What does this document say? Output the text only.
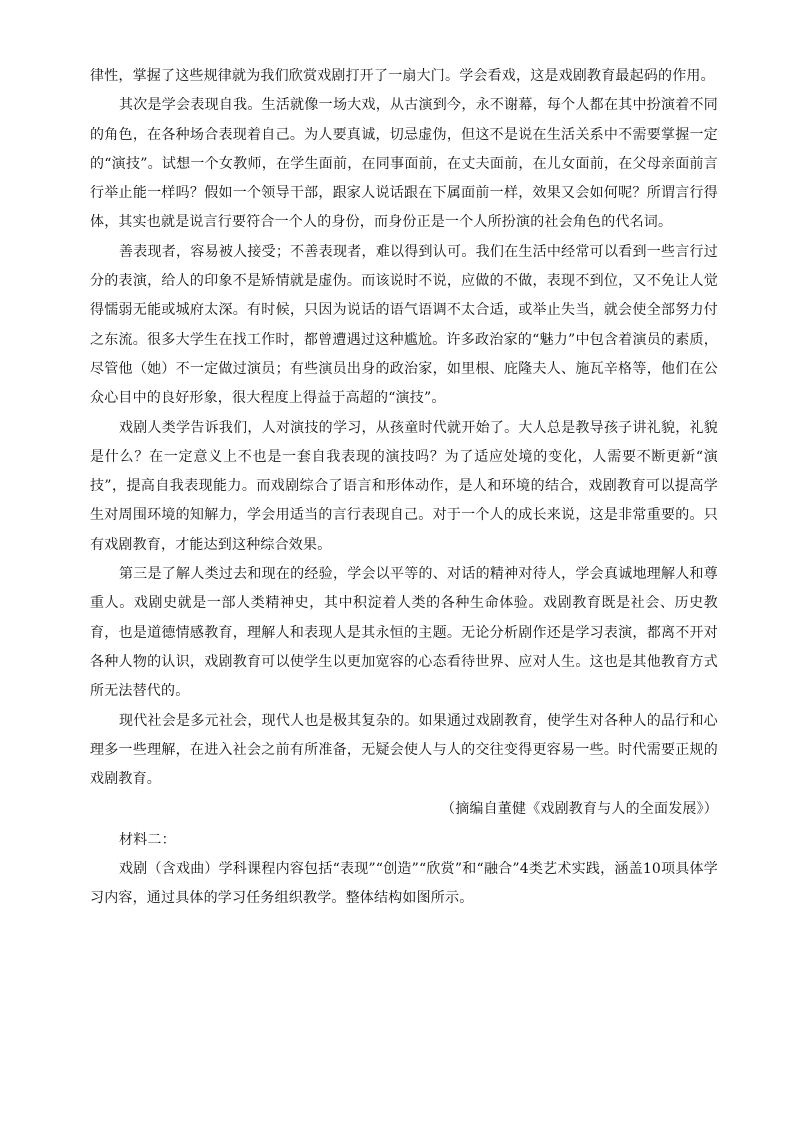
律性，掌握了这些规律就为我们欣赏戏剧打开了一扇大门。学会看戏，这是戏剧教育最起码的作用。

其次是学会表现自我。生活就像一场大戏，从古演到今，永不谢幕，每个人都在其中扮演着不同的角色，在各种场合表现着自己。为人要真诚，切忌虚伪，但这不是说在生活关系中不需要掌握一定的“演技”。试想一个女教师，在学生面前，在同事面前，在丈夫面前，在儿女面前，在父母亲面前言行举止能一样吗？假如一个领导干部，跟家人说话跟在下属面前一样，效果又会如何呢？所谓言行得体，其实也就是说言行要符合一个人的身份，而身份正是一个人所扮演的社会角色的代名词。

善表现者，容易被人接受；不善表现者，难以得到认可。我们在生活中经常可以看到一些言行过分的表演，给人的印象不是矫情就是虚伪。而该说时不说，应做的不做，表现不到位，又不免让人觉得懦弱无能或城府太深。有时候，只因为说话的语气语调不太合适，或举止失当，就会使全部努力付之东流。很多大学生在找工作时，都曾遭遇过这种尴尬。许多政治家的“魅力”中包含着演员的素质，尽管他（她）不一定做过演员；有些演员出身的政治家，如里根、庇隆夫人、施瓦辛格等，他们在公众心目中的良好形象，很大程度上得益于高超的“演技”。

戏剧人类学告诉我们，人对演技的学习，从孩童时代就开始了。大人总是教导孩子讲礼貌，礼貌是什么？在一定意义上不也是一套自我表现的演技吗？为了适应处境的变化，人需要不断更新“演技”，提高自我表现能力。而戏剧综合了语言和形体动作，是人和环境的结合，戏剧教育可以提高学生对周围环境的知解力，学会用适当的言行表现自己。对于一个人的成长来说，这是非常重要的。只有戏剧教育，才能达到这种综合效果。

第三是了解人类过去和现在的经验，学会以平等的、对话的精神对待人，学会真诚地理解人和尊重人。戏剧史就是一部人类精神史，其中积淀着人类的各种生命体验。戏剧教育既是社会、历史教育，也是道德情感教育，理解人和表现人是其永恒的主题。无论分析剧作还是学习表演，都离不开对各种人物的认识，戏剧教育可以使学生以更加宽容的心态看待世界、应对人生。这也是其他教育方式所无法替代的。

现代社会是多元社会，现代人也是极其复杂的。如果通过戏剧教育，使学生对各种人的品行和心理多一些理解，在进入社会之前有所准备，无疑会使人与人的交往变得更容易一些。时代需要正规的戏剧教育。

（摘编自董健《戏剧教育与人的全面发展》）

材料二：

戏剧（含戏曲）学科课程内容包括“表现”“创造”“欣赏”和“融合”4类艺术实践，涵盖10项具体学习内容，通过具体的学习任务组织教学。整体结构如图所示。
